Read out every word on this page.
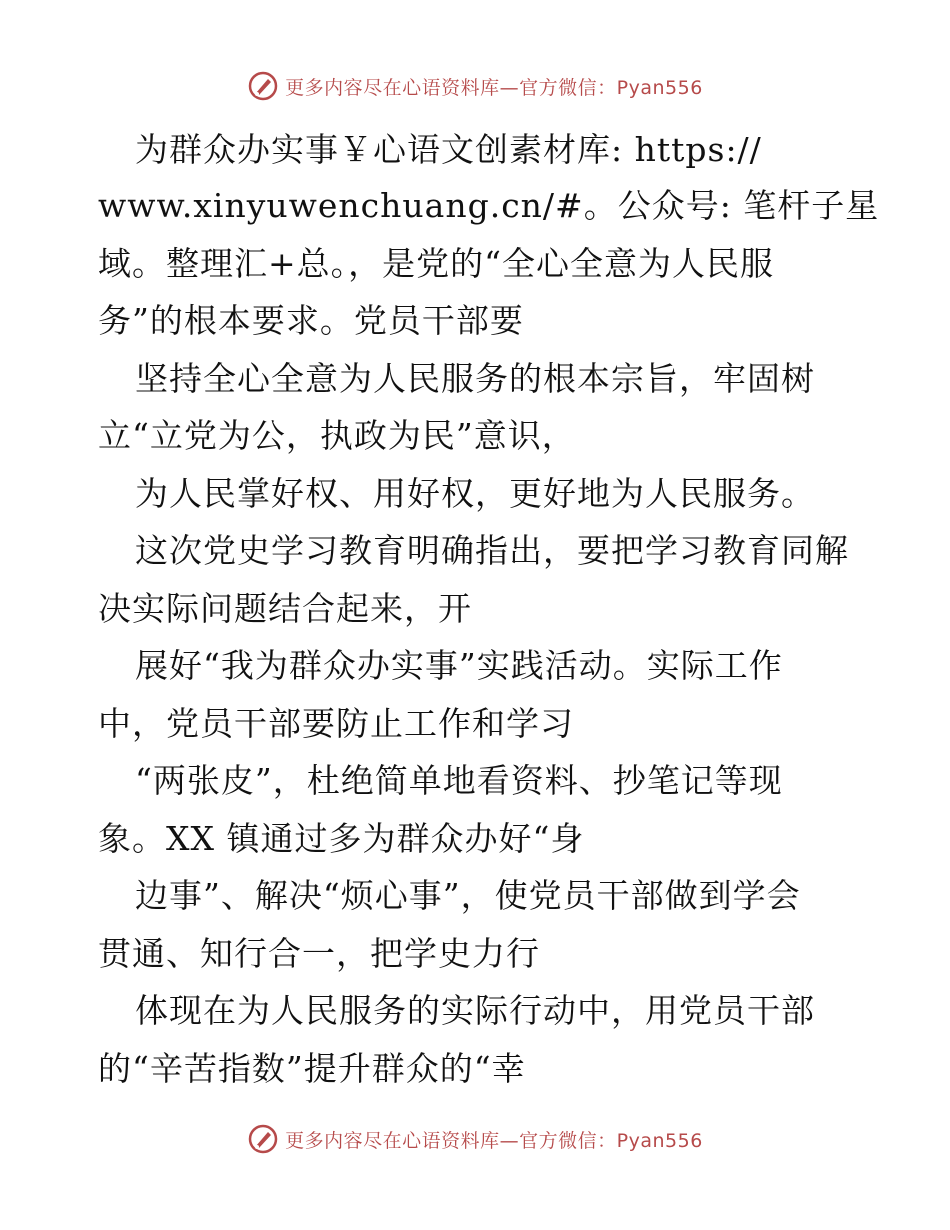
更多内容尽在心语资料库—官方微信：Pyan556
为群众办实事￥心语文创素材库: https://
www.xinyuwenchuang.cn/#。公众号: 笔杆子星
域。整理汇+总。，是党的“全心全意为人民服
务”的根本要求。党员干部要
坚持全心全意为人民服务的根本宗旨，牢固树
立“立党为公，执政为民”意识，
为人民掌好权、用好权，更好地为人民服务。
这次党史学习教育明确指出，要把学习教育同解
决实际问题结合起来，开
展好“我为群众办实事”实践活动。实际工作
中，党员干部要防止工作和学习
“两张皮”，杜绝简单地看资料、抄笔记等现
象。XX 镇通过多为群众办好“身
边事”、解决“烦心事”，使党员干部做到学会
贯通、知行合一，把学史力行
体现在为人民服务的实际行动中，用党员干部
的“辛苦指数”提升群众的“幸
更多内容尽在心语资料库—官方微信：Pyan556
